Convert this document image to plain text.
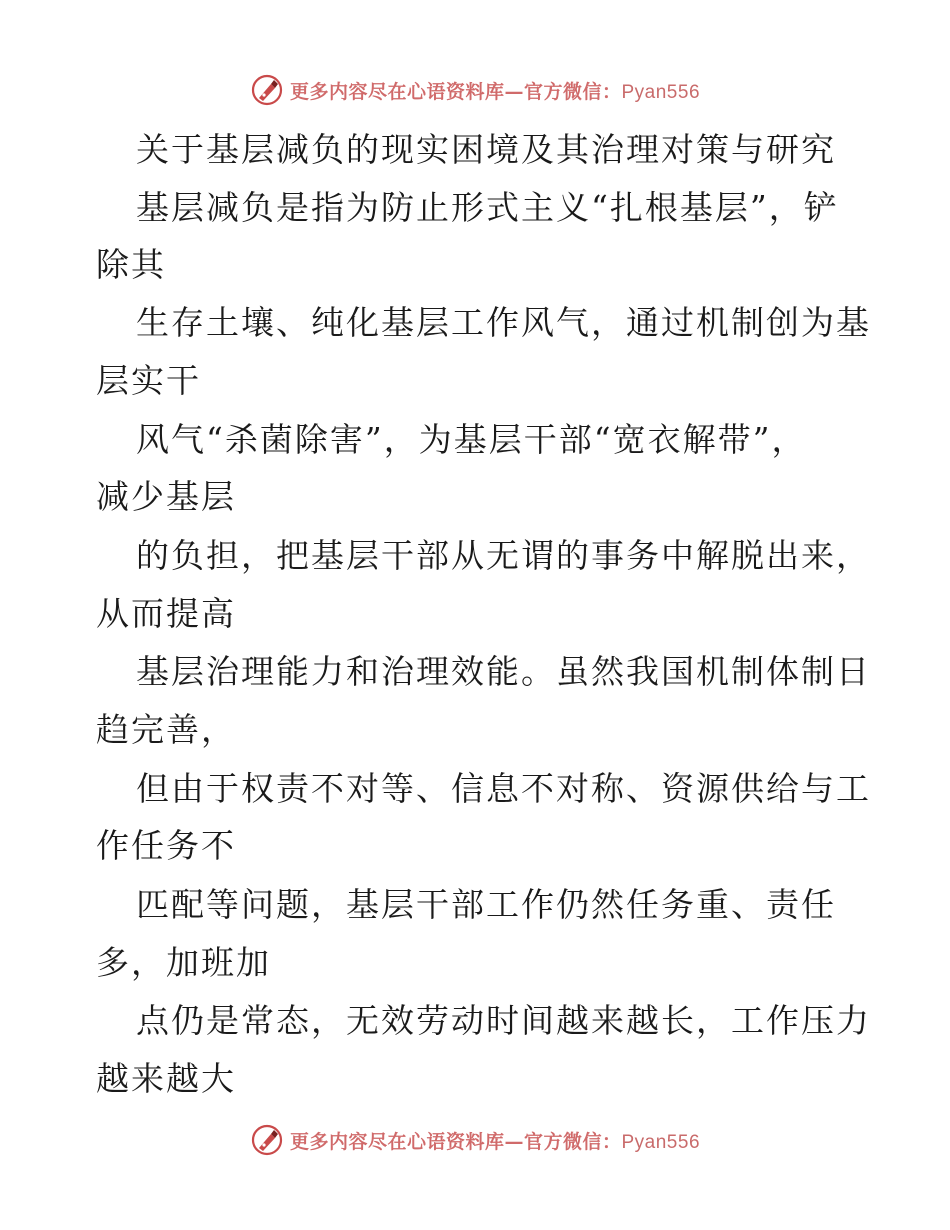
更多内容尽在心语资料库—官方微信：Pyan556
关于基层减负的现实困境及其治理对策与研究
基层减负是指为防止形式主义“扎根基层”，铲
除其
生存土壤、纯化基层工作风气，通过机制创为基
层实干
风气“杀菌除害”，为基层干部“宽衣解带”，
减少基层
的负担，把基层干部从无谓的事务中解脱出来，
从而提高
基层治理能力和治理效能。虽然我国机制体制日
趋完善，
但由于权责不对等、信息不对称、资源供给与工
作任务不
匹配等问题，基层干部工作仍然任务重、责任
多，加班加
点仍是常态，无效劳动时间越来越长，工作压力
越来越大
更多内容尽在心语资料库—官方微信：Pyan556
